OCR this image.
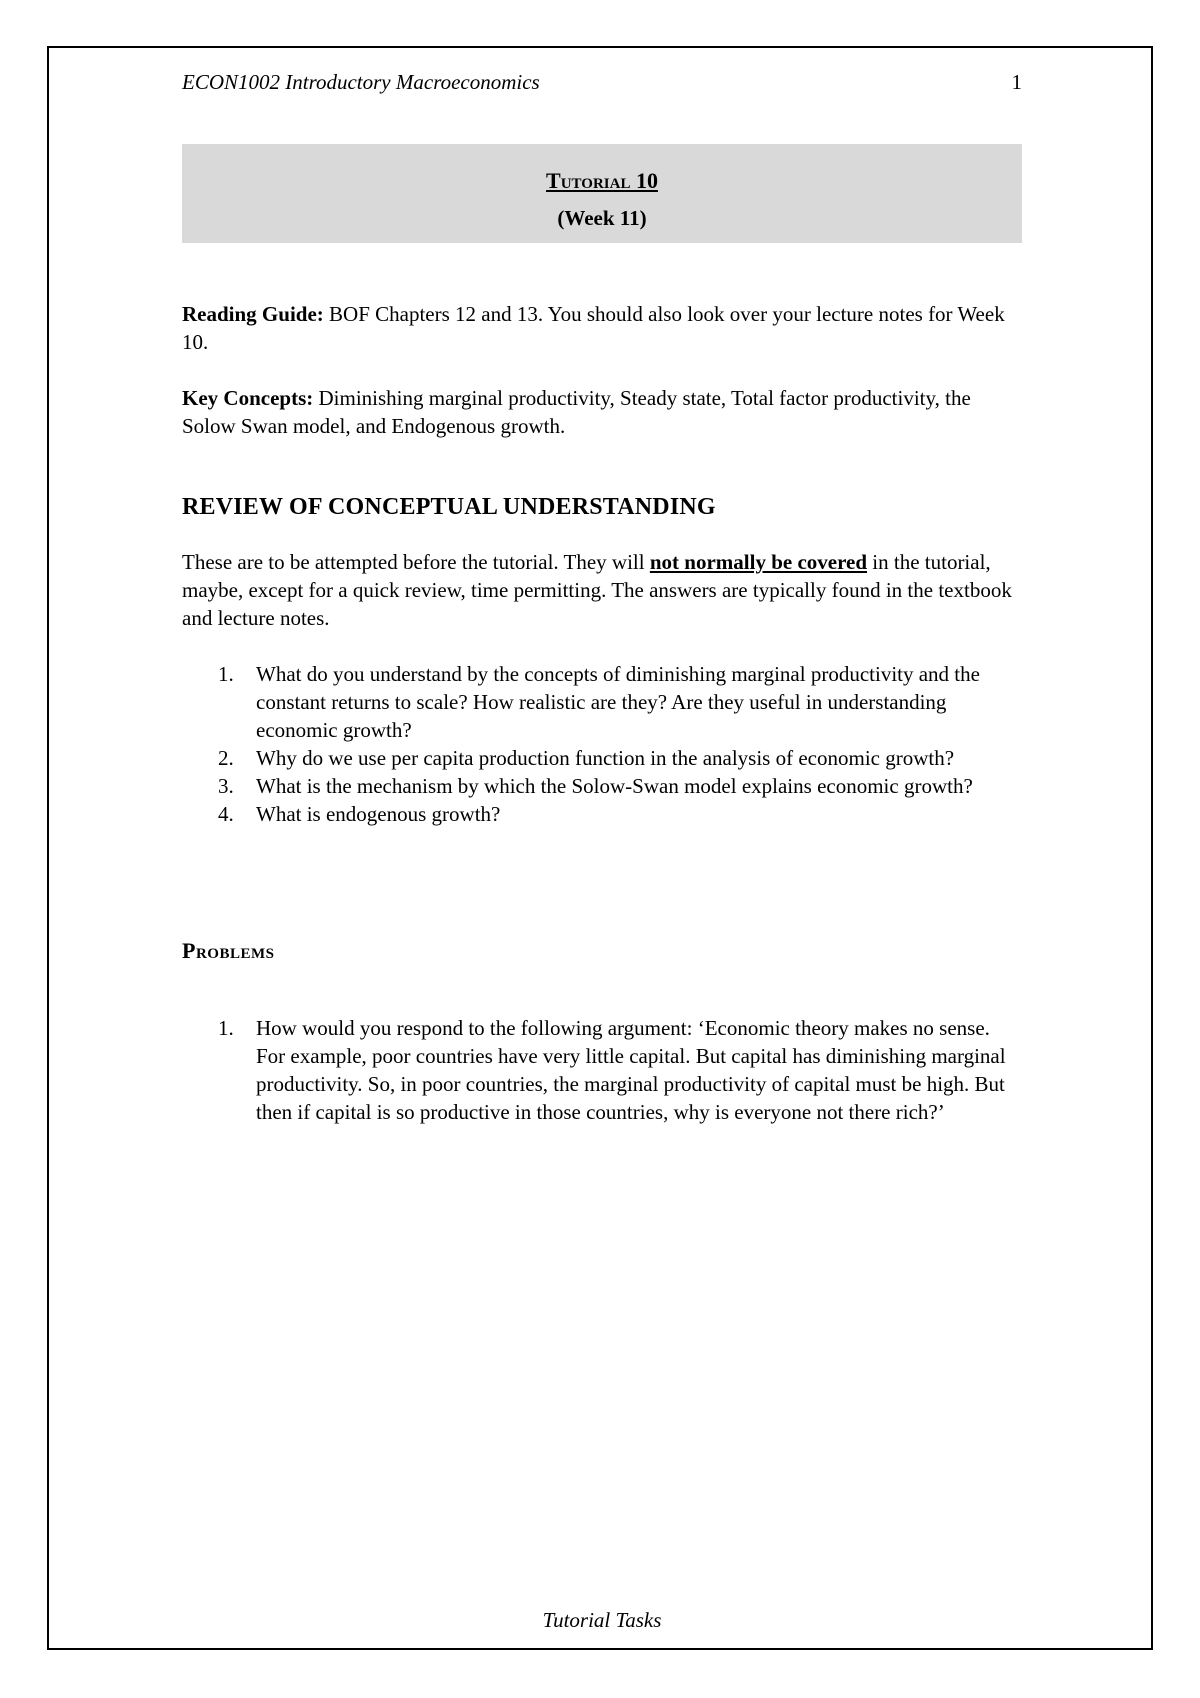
ECON1002 Introductory Macroeconomics	1
Tutorial 10
(Week 11)
Reading Guide: BOF Chapters 12 and 13. You should also look over your lecture notes for Week 10.
Key Concepts: Diminishing marginal productivity, Steady state, Total factor productivity, the Solow Swan model, and Endogenous growth.
REVIEW OF CONCEPTUAL UNDERSTANDING
These are to be attempted before the tutorial. They will not normally be covered in the tutorial, maybe, except for a quick review, time permitting. The answers are typically found in the textbook and lecture notes.
1. What do you understand by the concepts of diminishing marginal productivity and the constant returns to scale? How realistic are they? Are they useful in understanding economic growth?
2. Why do we use per capita production function in the analysis of economic growth?
3. What is the mechanism by which the Solow-Swan model explains economic growth?
4. What is endogenous growth?
Problems
1. How would you respond to the following argument: ‘Economic theory makes no sense. For example, poor countries have very little capital. But capital has diminishing marginal productivity. So, in poor countries, the marginal productivity of capital must be high. But then if capital is so productive in those countries, why is everyone not there rich?’
Tutorial Tasks
